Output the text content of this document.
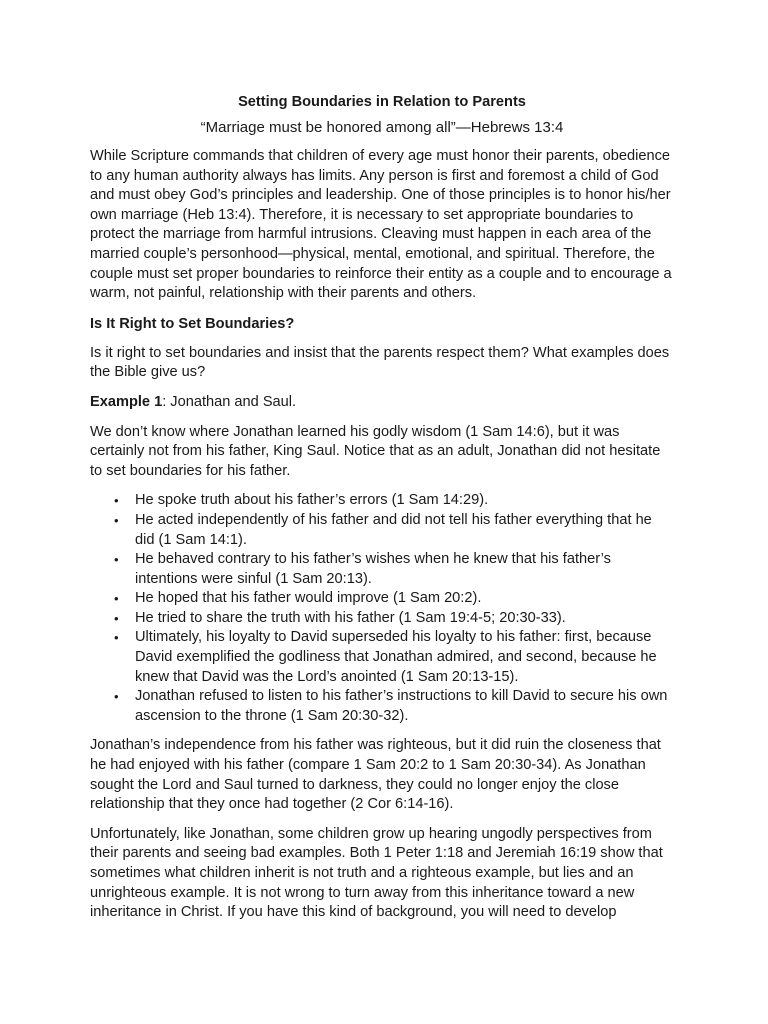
Setting Boundaries in Relation to Parents
“Marriage must be honored among all”—Hebrews 13:4

While Scripture commands that children of every age must honor their parents, obedience to any human authority always has limits. Any person is first and foremost a child of God and must obey God’s principles and leadership. One of those principles is to honor his/her own marriage (Heb 13:4). Therefore, it is necessary to set appropriate boundaries to protect the marriage from harmful intrusions. Cleaving must happen in each area of the married couple’s personhood—physical, mental, emotional, and spiritual. Therefore, the couple must set proper boundaries to reinforce their entity as a couple and to encourage a warm, not painful, relationship with their parents and others.

Is It Right to Set Boundaries?

Is it right to set boundaries and insist that the parents respect them? What examples does the Bible give us?

Example 1: Jonathan and Saul.

We don’t know where Jonathan learned his godly wisdom (1 Sam 14:6), but it was certainly not from his father, King Saul. Notice that as an adult, Jonathan did not hesitate to set boundaries for his father.

• He spoke truth about his father’s errors (1 Sam 14:29).
• He acted independently of his father and did not tell his father everything that he did (1 Sam 14:1).
• He behaved contrary to his father’s wishes when he knew that his father’s intentions were sinful (1 Sam 20:13).
• He hoped that his father would improve (1 Sam 20:2).
• He tried to share the truth with his father (1 Sam 19:4-5; 20:30-33).
• Ultimately, his loyalty to David superseded his loyalty to his father: first, because David exemplified the godliness that Jonathan admired, and second, because he knew that David was the Lord’s anointed (1 Sam 20:13-15).
• Jonathan refused to listen to his father’s instructions to kill David to secure his own ascension to the throne (1 Sam 20:30-32).

Jonathan’s independence from his father was righteous, but it did ruin the closeness that he had enjoyed with his father (compare 1 Sam 20:2 to 1 Sam 20:30-34). As Jonathan sought the Lord and Saul turned to darkness, they could no longer enjoy the close relationship that they once had together (2 Cor 6:14-16).

Unfortunately, like Jonathan, some children grow up hearing ungodly perspectives from their parents and seeing bad examples. Both 1 Peter 1:18 and Jeremiah 16:19 show that sometimes what children inherit is not truth and a righteous example, but lies and an unrighteous example. It is not wrong to turn away from this inheritance toward a new inheritance in Christ. If you have this kind of background, you will need to develop
